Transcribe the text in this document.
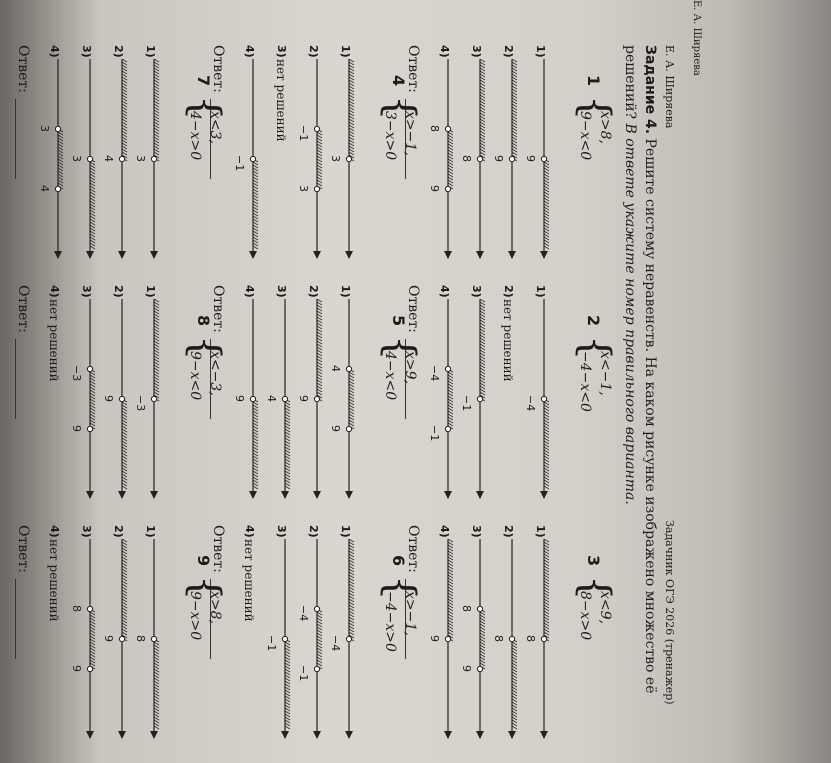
Е. А. Ширяева
Задачник ОГЭ 2026 (тренажер)
Е. А. Ширяева
Задание 4. Решите систему неравенств. На каком рисунке изображено множество её решений? В ответе укажите номер правильного варианта.
1
{
x>8,
9−x<0
1)
9
2)
9
3)
8
4)
8
9
Ответ:
4
{
x>−1,
3−x>0
1)
3
2)
−1
3
3)
нет решений
4)
−1
Ответ:
7
{
x<3,
4−x>0
1)
3
2)
4
3)
3
4)
3
4
Ответ:
2
{
x<−1,
−4−x<0
1)
−4
2)
нет решений
3)
−1
4)
−4
−1
Ответ:
5
{
x>9,
4−x<0
1)
4
9
2)
9
3)
4
4)
9
Ответ:
8
{
x<−3,
9−x<0
1)
−3
2)
9
3)
−3
9
4)
нет решений
Ответ:
3
{
x<9,
8−x>0
1)
8
2)
8
3)
8
9
4)
9
Ответ:
6
{
x>−1,
−4−x>0
1)
−4
2)
−4
−1
3)
−1
4)
нет решений
Ответ:
9
{
x>8,
9−x>0
1)
8
2)
9
3)
8
9
4)
нет решений
Ответ:
